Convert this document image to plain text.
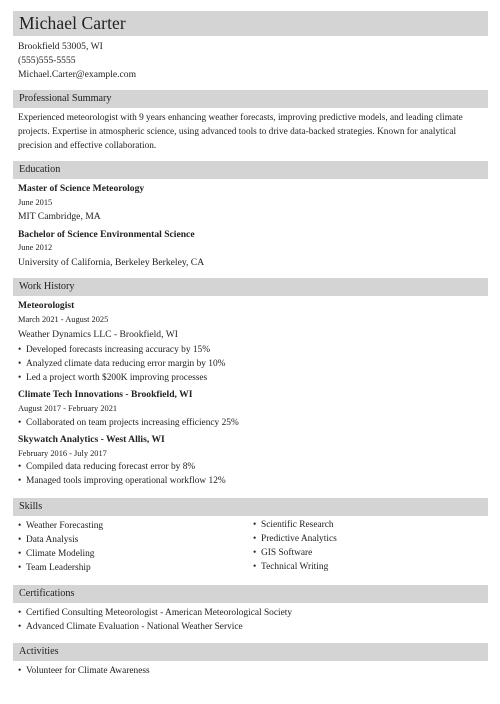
Michael Carter
Brookfield 53005, WI
(555)555-5555
Michael.Carter@example.com
Professional Summary
Experienced meteorologist with 9 years enhancing weather forecasts, improving predictive models, and leading climate projects. Expertise in atmospheric science, using advanced tools to drive data-backed strategies. Known for analytical precision and effective collaboration.
Education
Master of Science Meteorology
June 2015
MIT Cambridge, MA
Bachelor of Science Environmental Science
June 2012
University of California, Berkeley Berkeley, CA
Work History
Meteorologist
March 2021 - August 2025
Weather Dynamics LLC - Brookfield, WI
• Developed forecasts increasing accuracy by 15%
• Analyzed climate data reducing error margin by 10%
• Led a project worth $200K improving processes
Climate Tech Innovations - Brookfield, WI
August 2017 - February 2021
• Collaborated on team projects increasing efficiency 25%
Skywatch Analytics - West Allis, WI
February 2016 - July 2017
• Compiled data reducing forecast error by 8%
• Managed tools improving operational workflow 12%
Skills
• Weather Forecasting
• Data Analysis
• Climate Modeling
• Team Leadership
• Scientific Research
• Predictive Analytics
• GIS Software
• Technical Writing
Certifications
• Certified Consulting Meteorologist - American Meteorological Society
• Advanced Climate Evaluation - National Weather Service
Activities
• Volunteer for Climate Awareness
